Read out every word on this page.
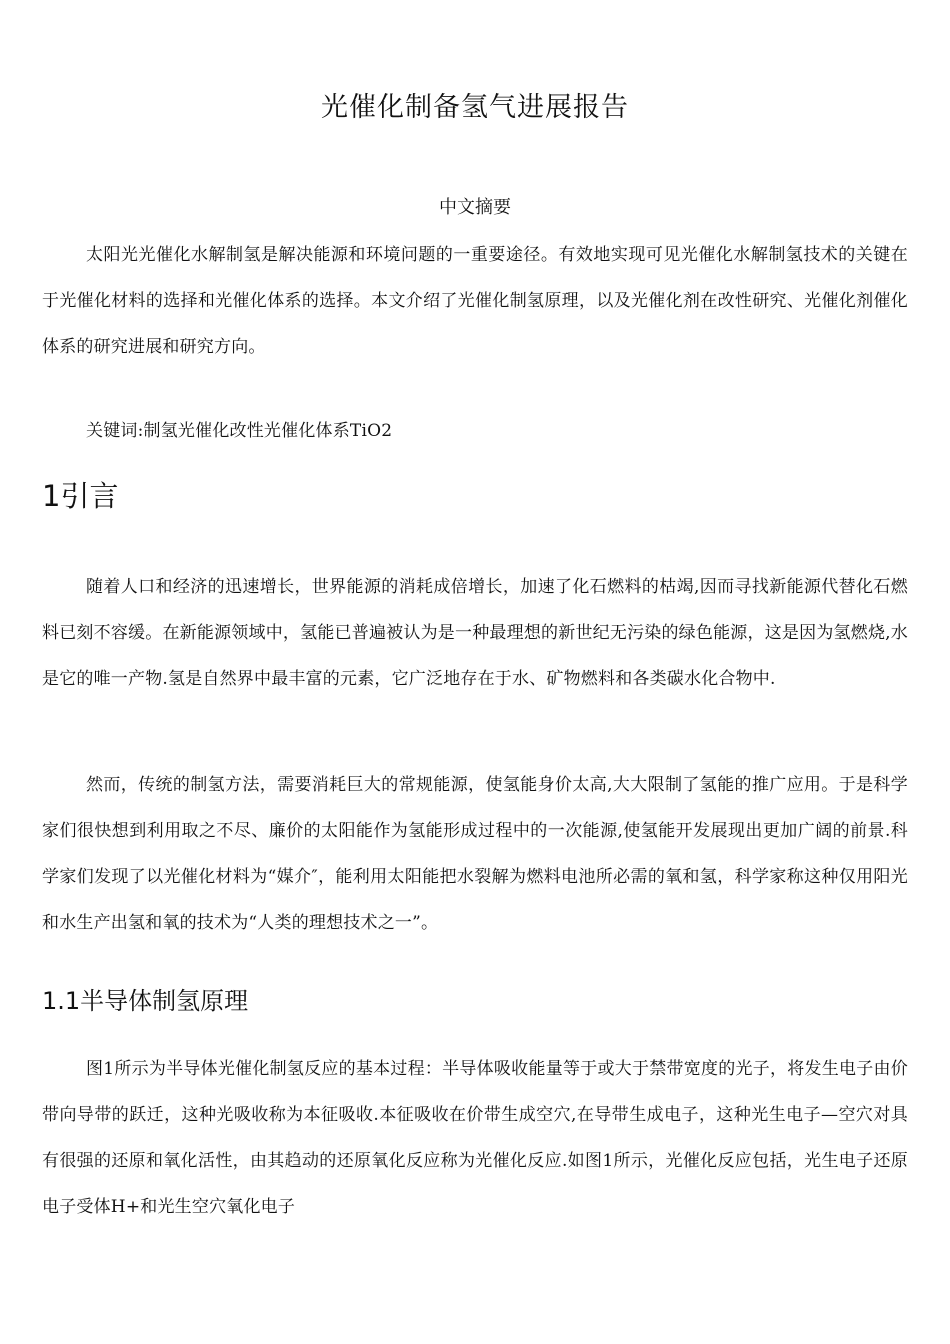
光催化制备氢气进展报告
中文摘要

太阳光光催化水解制氢是解决能源和环境问题的一重要途径。有效地实现可见光催化水解制氢技术的关键在于光催化材料的选择和光催化体系的选择。本文介绍了光催化制氢原理，以及光催化剂在改性研究、光催化剂催化体系的研究进展和研究方向。

关键词:制氢光催化改性光催化体系TiO2

1引言

随着人口和经济的迅速增长，世界能源的消耗成倍增长，加速了化石燃料的枯竭,因而寻找新能源代替化石燃料已刻不容缓。在新能源领域中，氢能已普遍被认为是一种最理想的新世纪无污染的绿色能源，这是因为氢燃烧,水是它的唯一产物.氢是自然界中最丰富的元素，它广泛地存在于水、矿物燃料和各类碳水化合物中.

然而，传统的制氢方法，需要消耗巨大的常规能源，使氢能身价太高,大大限制了氢能的推广应用。于是科学家们很快想到利用取之不尽、廉价的太阳能作为氢能形成过程中的一次能源,使氢能开发展现出更加广阔的前景.科学家们发现了以光催化材料为“媒介″，能利用太阳能把水裂解为燃料电池所必需的氧和氢，科学家称这种仅用阳光和水生产出氢和氧的技术为“人类的理想技术之一”。

1.1半导体制氢原理

图1所示为半导体光催化制氢反应的基本过程：半导体吸收能量等于或大于禁带宽度的光子，将发生电子由价带向导带的跃迁，这种光吸收称为本征吸收.本征吸收在价带生成空穴,在导带生成电子，这种光生电子—空穴对具有很强的还原和氧化活性，由其趋动的还原氧化反应称为光催化反应.如图1所示，光催化反应包括，光生电子还原电子受体H+和光生空穴氧化电子
